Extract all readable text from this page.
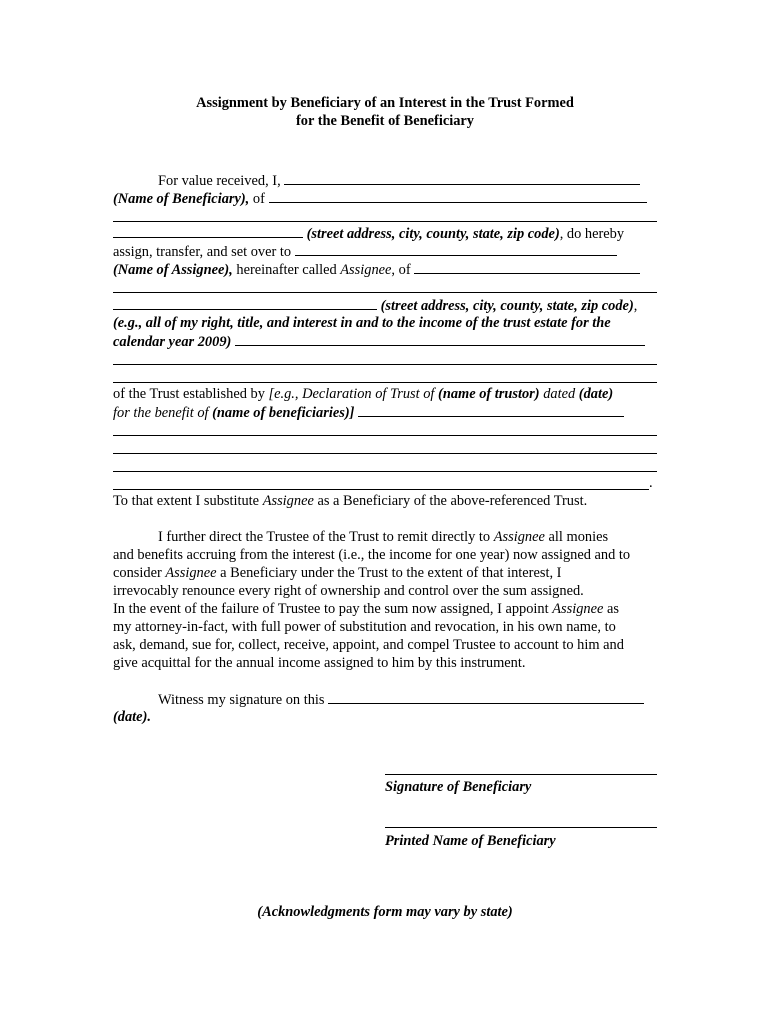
Assignment by Beneficiary of an Interest in the Trust Formed
for the Benefit of Beneficiary
For value received, I,
(Name of Beneficiary), of
(street address, city, county, state, zip code), do hereby
assign, transfer, and set over to
(Name of Assignee), hereinafter called Assignee, of
(street address, city, county, state, zip code),
(e.g., all of my right, title, and interest in and to the income of the trust estate for the
calendar year 2009)
of the Trust established by [e.g., Declaration of Trust of (name of trustor) dated (date)
for the benefit of (name of beneficiaries)]
.
To that extent I substitute Assignee as a Beneficiary of the above-referenced Trust.
I further direct the Trustee of the Trust to remit directly to Assignee all monies
and benefits accruing from the interest (i.e., the income for one year) now assigned and to
consider Assignee a Beneficiary under the Trust to the extent of that interest, I
irrevocably renounce every right of ownership and control over the sum assigned.
In the event of the failure of Trustee to pay the sum now assigned, I appoint Assignee as
my attorney-in-fact, with full power of substitution and revocation, in his own name, to
ask, demand, sue for, collect, receive, appoint, and compel Trustee to account to him and
give acquittal for the annual income assigned to him by this instrument.
Witness my signature on this
(date).
Signature of Beneficiary
Printed Name of Beneficiary
(Acknowledgments form may vary by state)
